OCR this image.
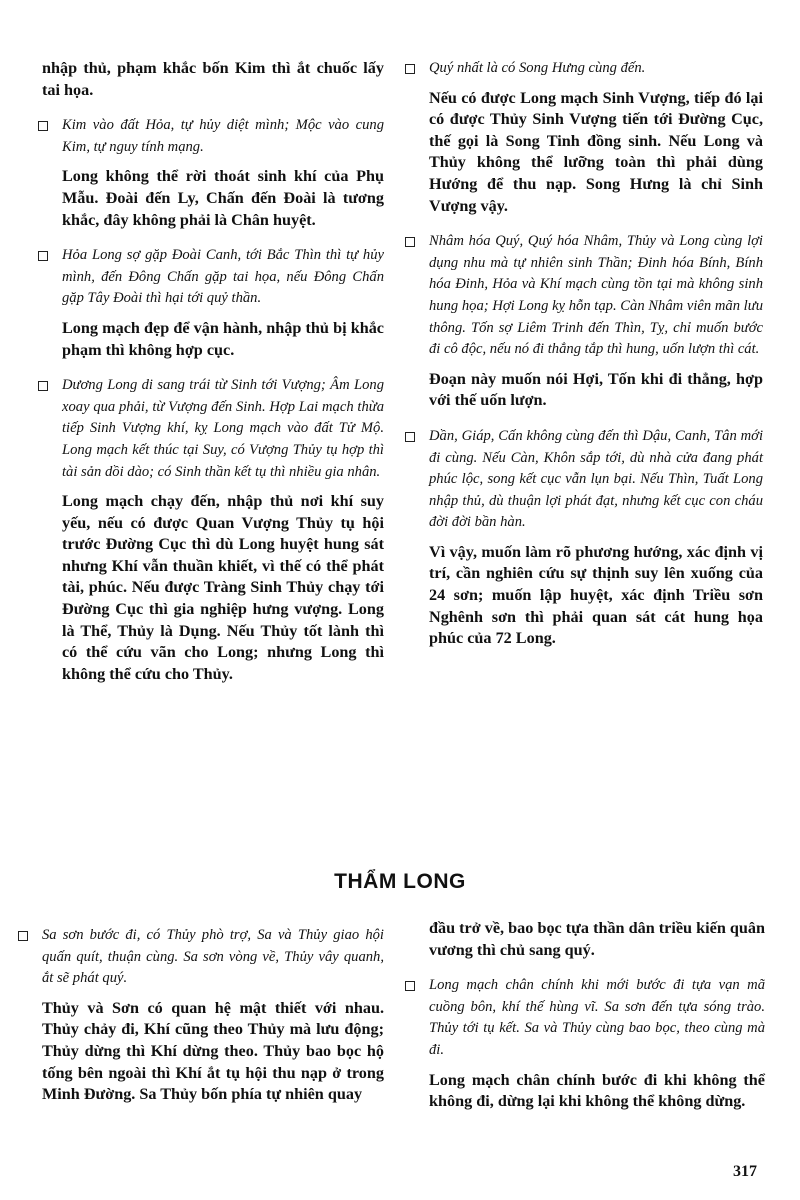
nhập thủ, phạm khắc bốn Kim thì ắt chuốc lấy tai họa.

Kim vào đất Hỏa, tự hủy diệt mình; Mộc vào cung Kim, tự nguy tính mạng.

Long không thể rời thoát sinh khí của Phụ Mẫu. Đoài đến Ly, Chấn đến Đoài là tương khắc, đây không phải là Chân huyệt.

Hỏa Long sợ gặp Đoài Canh, tới Bắc Thìn thì tự hủy mình, đến Đông Chấn gặp tai họa, nếu Đông Chấn gặp Tây Đoài thì hại tới quỷ thần.

Long mạch đẹp để vận hành, nhập thủ bị khắc phạm thì không hợp cục.

Dương Long di sang trái từ Sinh tới Vượng; Âm Long xoay qua phải, từ Vượng đến Sinh. Hợp Lai mạch thừa tiếp Sinh Vượng khí, kỵ Long mạch vào đất Tử Mộ. Long mạch kết thúc tại Suy, có Vượng Thủy tụ hợp thì tài sản dồi dào; có Sinh thần kết tụ thì nhiều gia nhân.

Long mạch chạy đến, nhập thủ nơi khí suy yếu, nếu có được Quan Vượng Thủy tụ hội trước Đường Cục thì dù Long huyệt hung sát nhưng Khí vẫn thuần khiết, vì thế có thể phát tài, phúc. Nếu được Tràng Sinh Thủy chạy tới Đường Cục thì gia nghiệp hưng vượng. Long là Thể, Thủy là Dụng. Nếu Thủy tốt lành thì có thể cứu vãn cho Long; nhưng Long thì không thể cứu cho Thủy.

Quý nhất là có Song Hưng cùng đến.

Nếu có được Long mạch Sinh Vượng, tiếp đó lại có được Thủy Sinh Vượng tiến tới Đường Cục, thế gọi là Song Tinh đồng sinh. Nếu Long và Thủy không thể lưỡng toàn thì phải dùng Hướng để thu nạp. Song Hưng là chỉ Sinh Vượng vậy.

Nhâm hóa Quý, Quý hóa Nhâm, Thủy và Long cùng lợi dụng nhu mà tự nhiên sinh Thần; Đinh hóa Bính, Bính hóa Đinh, Hỏa và Khí mạch cùng tồn tại mà không sinh hung họa; Hợi Long kỵ hỗn tạp. Càn Nhâm viên mãn lưu thông. Tốn sợ Liêm Trinh đến Thìn, Tỵ, chỉ muốn bước đi cô độc, nếu nó đi thẳng tắp thì hung, uốn lượn thì cát.

Đoạn này muốn nói Hợi, Tốn khi đi thẳng, hợp với thế uốn lượn.

Dần, Giáp, Cấn không cùng đến thì Dậu, Canh, Tân mới đi cùng. Nếu Càn, Khôn sắp tới, dù nhà cửa đang phát phúc lộc, song kết cục vẫn lụn bại. Nếu Thìn, Tuất Long nhập thủ, dù thuận lợi phát đạt, nhưng kết cục con cháu đời đời bần hàn.

Vì vậy, muốn làm rõ phương hướng, xác định vị trí, cần nghiên cứu sự thịnh suy lên xuống của 24 sơn; muốn lập huyệt, xác định Triều sơn Nghênh sơn thì phải quan sát cát hung họa phúc của 72 Long.

THẨM LONG

Sa sơn bước đi, có Thủy phò trợ, Sa và Thủy giao hội quấn quít, thuận cùng. Sa sơn vòng về, Thủy vây quanh, ắt sẽ phát quý.

Thủy và Sơn có quan hệ mật thiết với nhau. Thủy chảy đi, Khí cũng theo Thủy mà lưu động; Thủy dừng thì Khí dừng theo. Thủy bao bọc hộ tống bên ngoài thì Khí ắt tụ hội thu nạp ở trong Minh Đường. Sa Thủy bốn phía tự nhiên quay

đầu trở về, bao bọc tựa thần dân triều kiến quân vương thì chủ sang quý.

Long mạch chân chính khi mới bước đi tựa vạn mã cuồng bôn, khí thế hùng vĩ. Sa sơn đến tựa sóng trào. Thủy tới tụ kết. Sa và Thủy cùng bao bọc, theo cùng mà đi.

Long mạch chân chính bước đi khi không thể không đi, dừng lại khi không thể không dừng.

317
